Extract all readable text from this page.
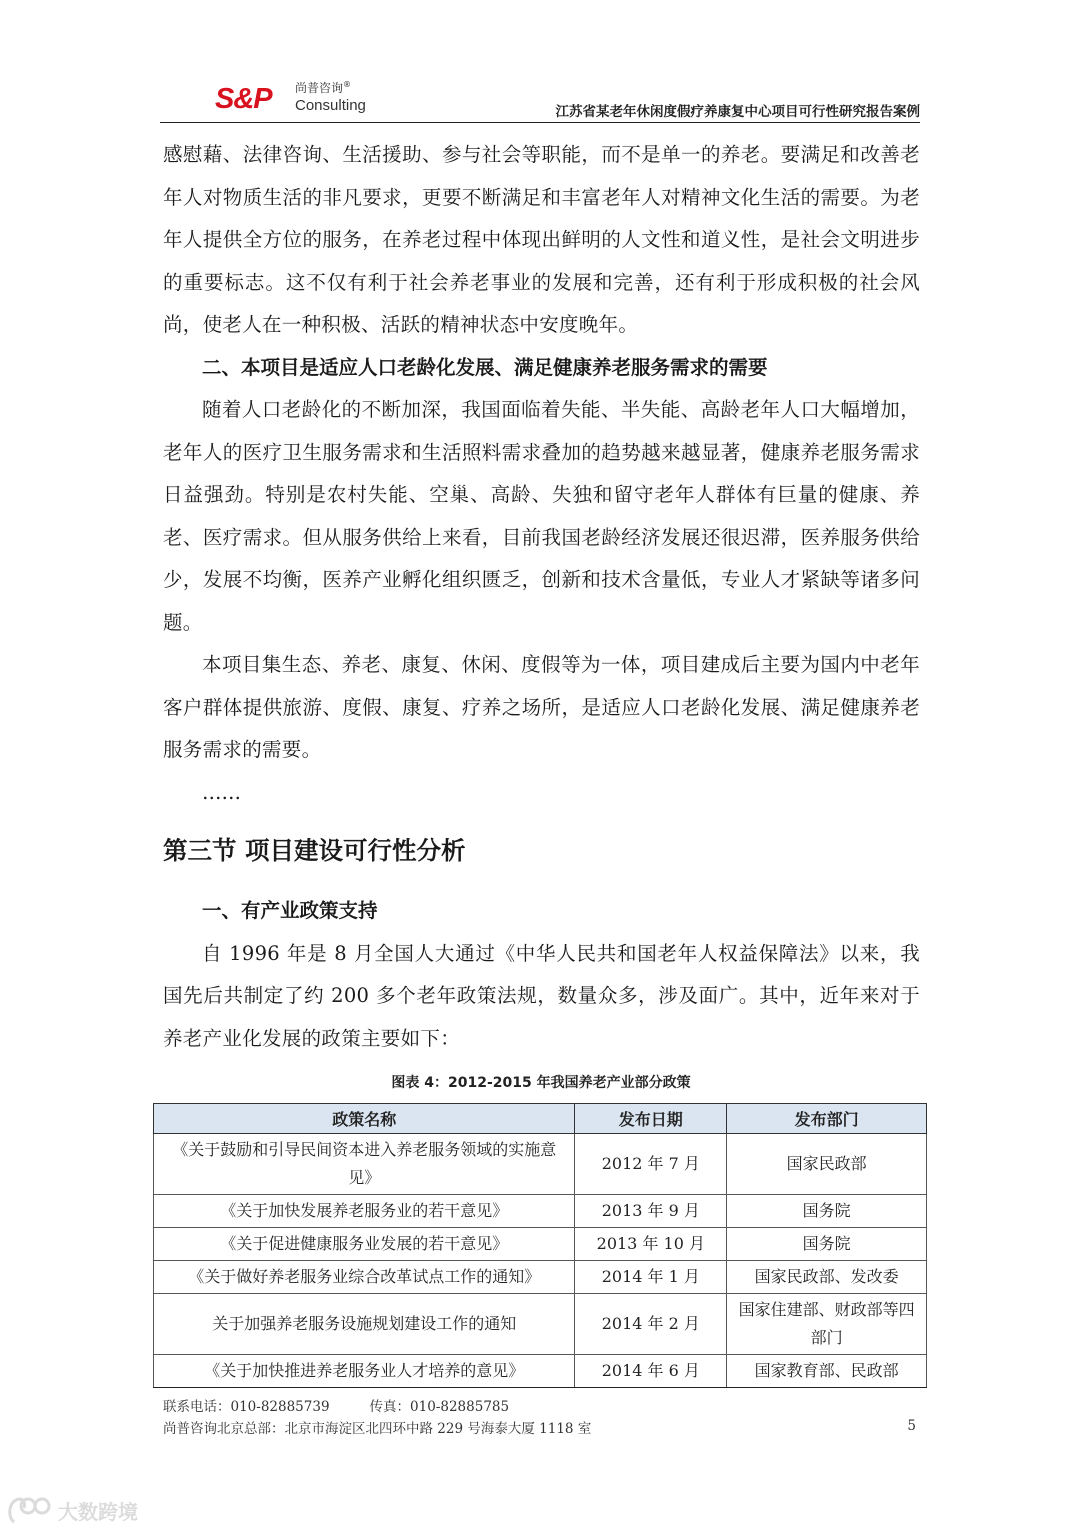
S&P 尚普咨询®
Consulting	江苏省某老年休闲度假疗养康复中心项目可行性研究报告案例

感慰藉、法律咨询、生活援助、参与社会等职能，而不是单一的养老。要满足和改善老年人对物质生活的非凡要求，更要不断满足和丰富老年人对精神文化生活的需要。为老年人提供全方位的服务，在养老过程中体现出鲜明的人文性和道义性，是社会文明进步的重要标志。这不仅有利于社会养老事业的发展和完善，还有利于形成积极的社会风尚，使老人在一种积极、活跃的精神状态中安度晚年。

二、本项目是适应人口老龄化发展、满足健康养老服务需求的需要

随着人口老龄化的不断加深，我国面临着失能、半失能、高龄老年人口大幅增加，老年人的医疗卫生服务需求和生活照料需求叠加的趋势越来越显著，健康养老服务需求日益强劲。特别是农村失能、空巢、高龄、失独和留守老年人群体有巨量的健康、养老、医疗需求。但从服务供给上来看，目前我国老龄经济发展还很迟滞，医养服务供给少，发展不均衡，医养产业孵化组织匮乏，创新和技术含量低，专业人才紧缺等诸多问题。

本项目集生态、养老、康复、休闲、度假等为一体，项目建成后主要为国内中老年客户群体提供旅游、度假、康复、疗养之场所，是适应人口老龄化发展、满足健康养老服务需求的需要。

……

第三节 项目建设可行性分析

一、有产业政策支持

自 1996 年是 8 月全国人大通过《中华人民共和国老年人权益保障法》以来，我国先后共制定了约 200 多个老年政策法规，数量众多，涉及面广。其中，近年来对于养老产业化发展的政策主要如下：

图表 4：2012-2015 年我国养老产业部分政策
政策名称	发布日期	发布部门
《关于鼓励和引导民间资本进入养老服务领域的实施意见》	2012 年 7 月	国家民政部
《关于加快发展养老服务业的若干意见》	2013 年 9 月	国务院
《关于促进健康服务业发展的若干意见》	2013 年 10 月	国务院
《关于做好养老服务业综合改革试点工作的通知》	2014 年 1 月	国家民政部、发改委
关于加强养老服务设施规划建设工作的通知	2014 年 2 月	国家住建部、财政部等四部门
《关于加快推进养老服务业人才培养的意见》	2014 年 6 月	国家教育部、民政部
联系电话：010-82885739	传真：010-82885785
尚普咨询北京总部：北京市海淀区北四环中路 229 号海泰大厦 1118 室	5
大数跨境
